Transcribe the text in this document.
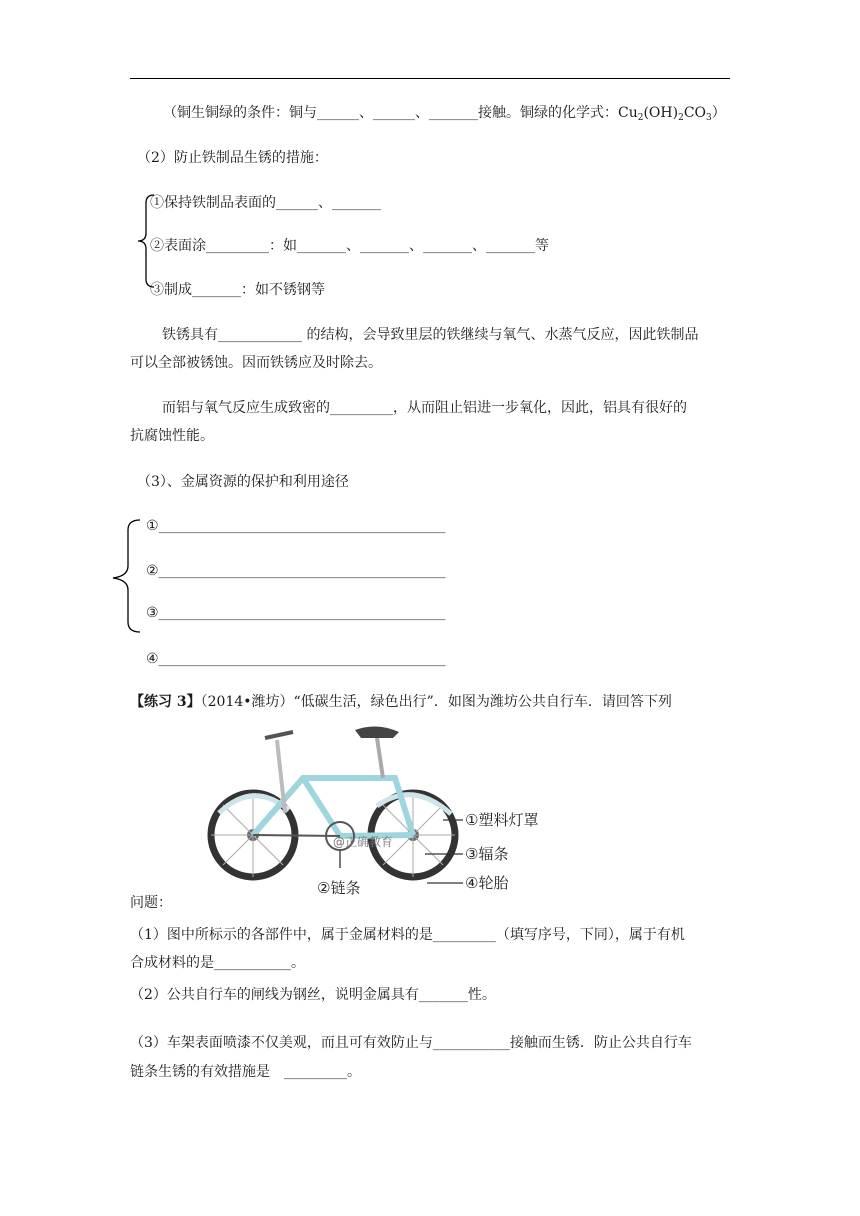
（铜生铜绿的条件：铜与______、______、_______接触。铜绿的化学式：$Cu_2(OH)_2CO_3$）
（2）防止铁制品生锈的措施：
①保持铁制品表面的______、_______
②表面涂_________：如_______、_______、_______、_______等
③制成_______：如不锈钢等
铁锈具有____________ 的结构，会导致里层的铁继续与氧气、水蒸气反应，因此铁制品
可以全部被锈蚀。因而铁锈应及时除去。
而铝与氧气反应生成致密的_________，从而阻止铝进一步氧化，因此，铝具有很好的
抗腐蚀性能。
（3）、金属资源的保护和利用途径
①_________________________________________
②_________________________________________
③_________________________________________
④_________________________________________
【练习 3】（2014•潍坊）“低碳生活，绿色出行”．如图为潍坊公共自行车．请回答下列
@正确教育
①塑料灯罩
③辐条
④轮胎
②链条
问题：
（1）图中所标示的各部件中，属于金属材料的是_________（填写序号，下同），属于有机
合成材料的是___________。
（2）公共自行车的闸线为钢丝，说明金属具有_______性。
（3）车架表面喷漆不仅美观，而且可有效防止与___________接触而生锈．防止公共自行车
链条生锈的有效措施是　_________。
